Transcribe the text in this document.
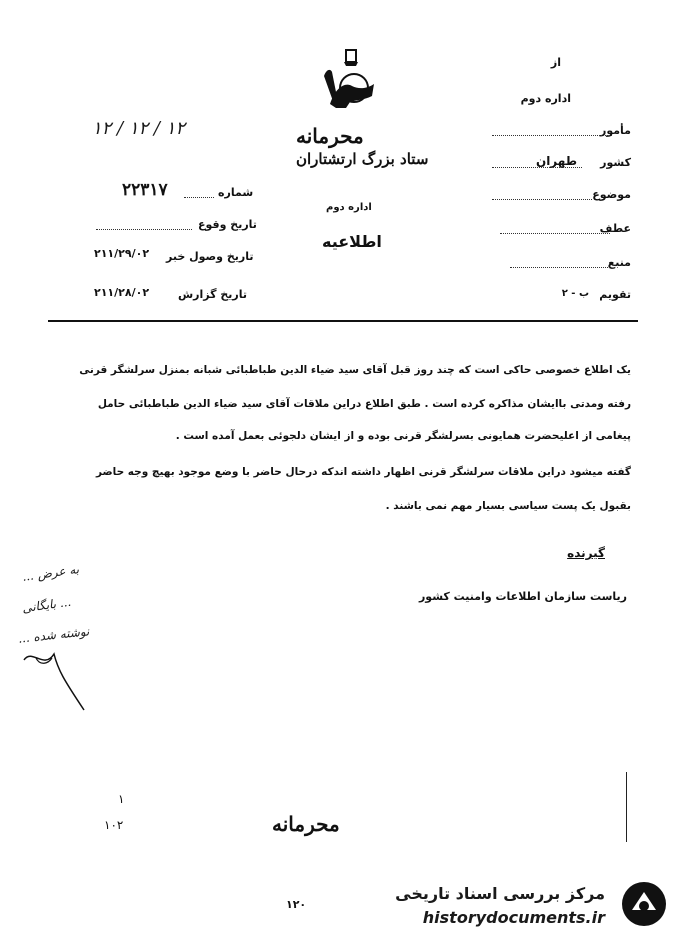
۱۲ / ۱۲ / ۱۲	محرمانه
ستاد بزرگ ارتشتاران
اداره دوم
اطلاعیه
از
اداره دوم
مأمور
کشور
طهران
موضوع
عطف
منبع
تقویم
ب - ۲
شماره
۲۲۳۱۷
تاریخ وقوع
تاریخ وصول خبر
۲۱۱/۲۹/۰۲
تاریخ گزارش
۲۱۱/۲۸/۰۲
یک اطلاع خصوصی حاکی است که چند روز قبل آقای سید ضیاء الدین طباطبائی شبانه بمنزل سرلشگر قرنی
رفته ومدتی باایشان مذاکره کرده است . طبق اطلاع دراین ملاقات آقای سید ضیاء الدین طباطبائی حامل
پیغامی از اعلیحضرت همایونی بسرلشگر قرنی بوده و از ایشان دلجوئی بعمل آمده است .
گفته میشود دراین ملاقات سرلشگر قرنی اظهار داشته اندکه درحال حاضر با وضع موجود بهیچ وجه حاضر
بقبول یک پست سیاسی بسیار مهم نمی باشند .
گیرنده
ریاست سازمان اطلاعات وامنیت کشور
به عرض ...
... بایگانی
نوشته شده ...
۱
۱۰۲	محرمانه
۱۲۰
مرکز بررسی اسناد تاریخی
historydocuments.ir
